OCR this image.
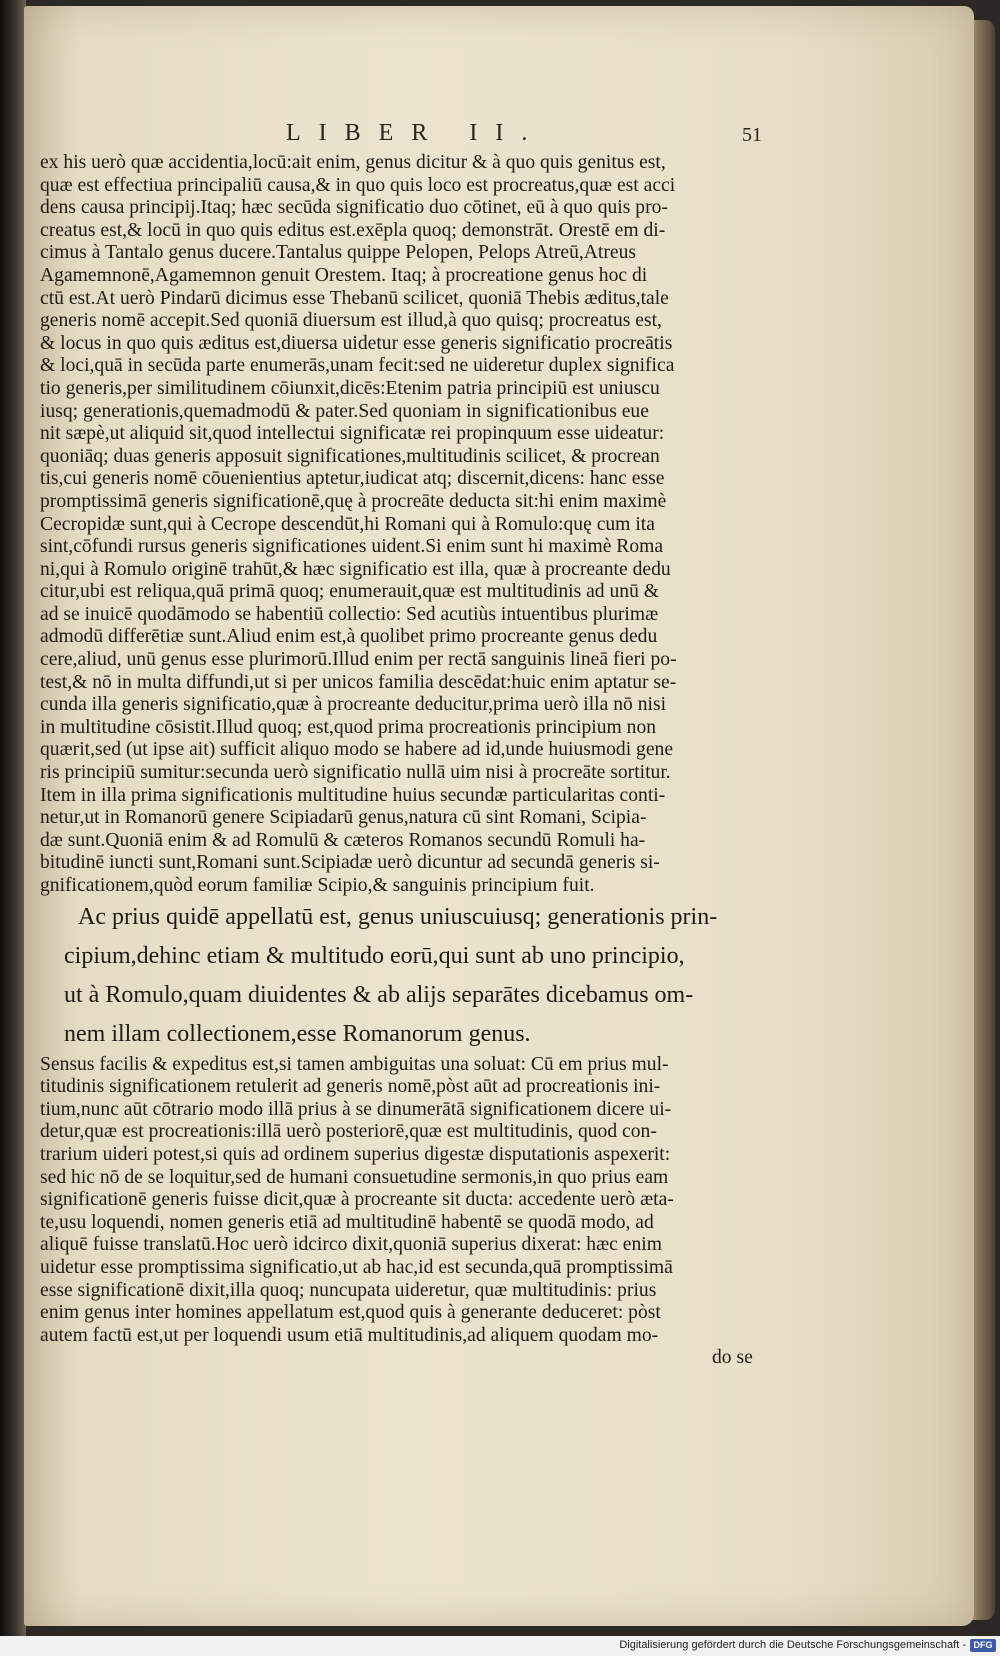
LIBER II.	51
ex his uerò quæ accidentia,locū:ait enim, genus dicitur & à quo quis genitus est,
quæ est effectiua principaliū causa,& in quo quis loco est procreatus,quæ est acci
dens causa principij.Itaq; hæc secūda significatio duo cōtinet, eū à quo quis pro-
creatus est,& locū in quo quis editus est.exēpla quoq; demonstrāt. Orestē em di-
cimus à Tantalo genus ducere.Tantalus quippe Pelopen, Pelops Atreū,Atreus
Agamemnonē,Agamemnon genuit Orestem. Itaq; à procreatione genus hoc di
ctū est.At uerò Pindarū dicimus esse Thebanū scilicet, quoniā Thebis æditus,tale
generis nomē accepit.Sed quoniā diuersum est illud,à quo quisq; procreatus est,
& locus in quo quis æditus est,diuersa uidetur esse generis significatio procreātis
& loci,quā in secūda parte enumerās,unam fecit:sed ne uideretur duplex significa
tio generis,per similitudinem cōiunxit,dicēs:Etenim patria principiū est uniuscu
iusq; generationis,quemadmodū & pater.Sed quoniam in significationibus eue
nit sæpè,ut aliquid sit,quod intellectui significatæ rei propinquum esse uideatur:
quoniāq; duas generis apposuit significationes,multitudinis scilicet, & procrean
tis,cui generis nomē cōuenientius aptetur,iudicat atq; discernit,dicens: hanc esse
promptissimā generis significationē,quę à procreāte deducta sit:hi enim maximè
Cecropidæ sunt,qui à Cecrope descendūt,hi Romani qui à Romulo:quę cum ita
sint,cōfundi rursus generis significationes uident.Si enim sunt hi maximè Roma
ni,qui à Romulo originē trahūt,& hæc significatio est illa, quæ à procreante dedu
citur,ubi est reliqua,quā primā quoq; enumerauit,quæ est multitudinis ad unū &
ad se inuicē quodāmodo se habentiū collectio: Sed acutiùs intuentibus plurimæ
admodū differētiæ sunt.Aliud enim est,à quolibet primo procreante genus dedu
cere,aliud, unū genus esse plurimorū.Illud enim per rectā sanguinis lineā fieri po-
test,& nō in multa diffundi,ut si per unicos familia descēdat:huic enim aptatur se-
cunda illa generis significatio,quæ à procreante deducitur,prima uerò illa nō nisi
in multitudine cōsistit.Illud quoq; est,quod prima procreationis principium non
quærit,sed (ut ipse ait) sufficit aliquo modo se habere ad id,unde huiusmodi gene
ris principiū sumitur:secunda uerò significatio nullā uim nisi à procreāte sortitur.
Item in illa prima significationis multitudine huius secundæ particularitas conti-
netur,ut in Romanorū genere Scipiadarū genus,natura cū sint Romani, Scipia-
dæ sunt.Quoniā enim & ad Romulū & cæteros Romanos secundū Romuli ha-
bitudinē iuncti sunt,Romani sunt.Scipiadæ uerò dicuntur ad secundā generis si-
gnificationem,quòd eorum familiæ Scipio,& sanguinis principium fuit.
Ac prius quidē appellatū est, genus uniuscuiusq; generationis prin-
cipium,dehinc etiam & multitudo eorū,qui sunt ab uno principio,
ut à Romulo,quam diuidentes & ab alijs separātes dicebamus om-
nem illam collectionem,esse Romanorum genus.
Sensus facilis & expeditus est,si tamen ambiguitas una soluat: Cū em prius mul-
titudinis significationem retulerit ad generis nomē,pòst aūt ad procreationis ini-
tium,nunc aūt cōtrario modo illā prius à se dinumerātā significationem dicere ui-
detur,quæ est procreationis:illā uerò posteriorē,quæ est multitudinis, quod con-
trarium uideri potest,si quis ad ordinem superius digestæ disputationis aspexerit:
sed hic nō de se loquitur,sed de humani consuetudine sermonis,in quo prius eam
significationē generis fuisse dicit,quæ à procreante sit ducta: accedente uerò æta-
te,usu loquendi, nomen generis etiā ad multitudinē habentē se quodā modo, ad
aliquē fuisse translatū.Hoc uerò idcirco dixit,quoniā superius dixerat: hæc enim
uidetur esse promptissima significatio,ut ab hac,id est secunda,quā promptissimā
esse significationē dixit,illa quoq; nuncupata uideretur, quæ multitudinis: prius
enim genus inter homines appellatum est,quod quis à generante deduceret: pòst
autem factū est,ut per loquendi usum etiā multitudinis,ad aliquem quodam mo-
do se
Digitalisierung gefördert durch die Deutsche Forschungsgemeinschaft - DFG
